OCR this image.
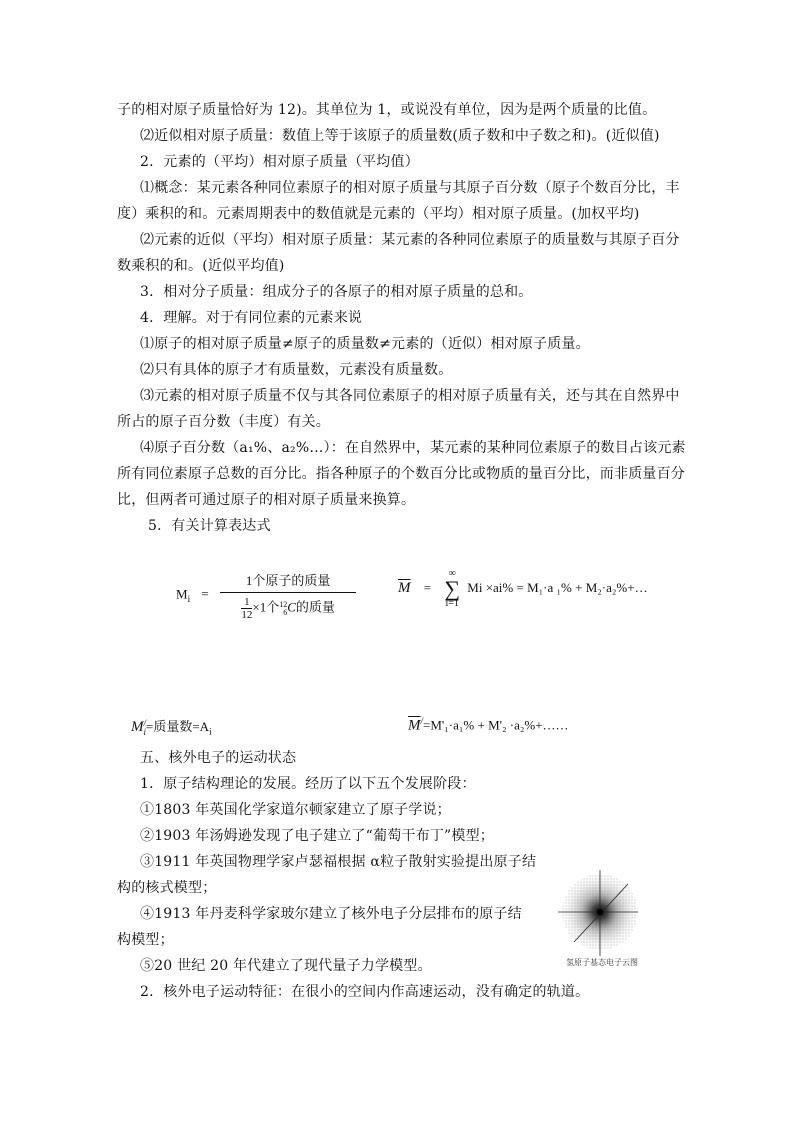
子的相对原子质量恰好为 12)。其单位为 1，或说没有单位，因为是两个质量的比值。
⑵近似相对原子质量：数值上等于该原子的质量数(质子数和中子数之和)。(近似值)
2．元素的（平均）相对原子质量（平均值）
⑴概念：某元素各种同位素原子的相对原子质量与其原子百分数（原子个数百分比，丰
度）乘积的和。元素周期表中的数值就是元素的（平均）相对原子质量。(加权平均)
⑵元素的近似（平均）相对原子质量：某元素的各种同位素原子的质量数与其原子百分
数乘积的和。(近似平均值)
3．相对分子质量：组成分子的各原子的相对原子质量的总和。
4．理解。对于有同位素的元素来说
⑴原子的相对原子质量≠原子的质量数≠元素的（近似）相对原子质量。
⑵只有具体的原子才有质量数，元素没有质量数。
⑶元素的相对原子质量不仅与其各同位素原子的相对原子质量有关，还与其在自然界中
所占的原子百分数（丰度）有关。
⑷原子百分数（a₁%、a₂%…）：在自然界中，某元素的某种同位素原子的数目占该元素
所有同位素原子总数的百分比。指各种原子的个数百分比或物质的量百分比，而非质量百分
比，但两者可通过原子的相对原子质量来换算。
5．有关计算表达式
$M_i = 1$个原子的质量
$\frac{1}{12}\times 1$个 12
6 C的质量	$\overline{M}$ = ∞
∑
i=1 Mi ×ai% = M₁·a ₁% + M₂·a₂%+…
M /
i =质量数$=A_i$	$\overline{M}^/=M'_1\cdot a_1\% + M'_2$ ·a₂%+……
五、核外电子的运动状态
1．原子结构理论的发展。经历了以下五个发展阶段：
①1803 年英国化学家道尔顿家建立了原子学说；
②1903 年汤姆逊发现了电子建立了“葡萄干布丁”模型；
③1911 年英国物理学家卢瑟福根据 α粒子散射实验提出原子结
构的核式模型；
④1913 年丹麦科学家玻尔建立了核外电子分层排布的原子结
构模型；
⑤20 世纪 20 年代建立了现代量子力学模型。
2．核外电子运动特征：在很小的空间内作高速运动，没有确定的轨道。
氢原子基态电子云图
